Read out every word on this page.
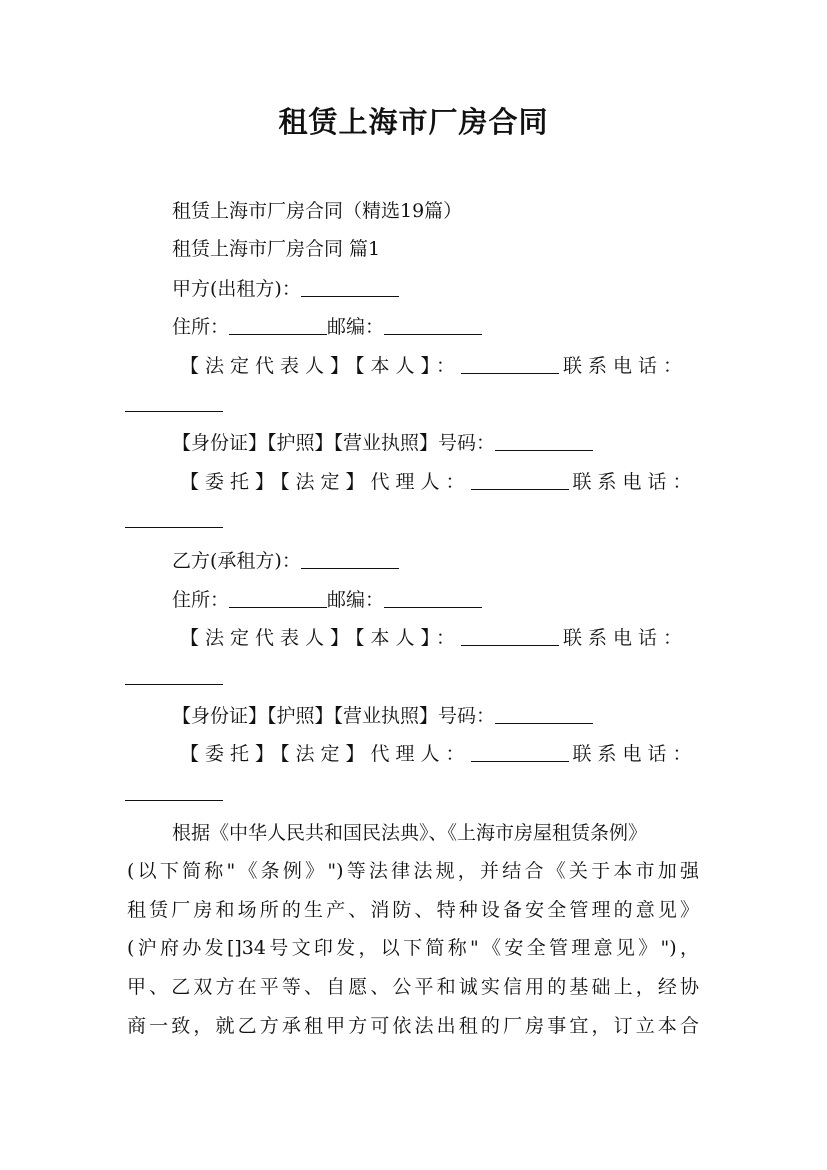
租赁上海市厂房合同
租赁上海市厂房合同（精选19篇）
租赁上海市厂房合同 篇1
甲方(出租方)：
住所：	邮编：
【法定代表人】【本人】：	联系电话：
【身份证】【护照】【营业执照】号码：
【委托】【法定】代理人：	联系电话：
乙方(承租方)：
住所：	邮编：
【法定代表人】【本人】：	联系电话：
【身份证】【护照】【营业执照】号码：
【委托】【法定】代理人：	联系电话：
根据《中华人民共和国民法典》、《上海市房屋租赁条例》
(以下简称"《条例》")等法律法规，并结合《关于本市加强
租赁厂房和场所的生产、消防、特种设备安全管理的意见》
(沪府办发[]34号文印发，以下简称"《安全管理意见》")，
甲、乙双方在平等、自愿、公平和诚实信用的基础上，经协
商一致，就乙方承租甲方可依法出租的厂房事宜，订立本合
